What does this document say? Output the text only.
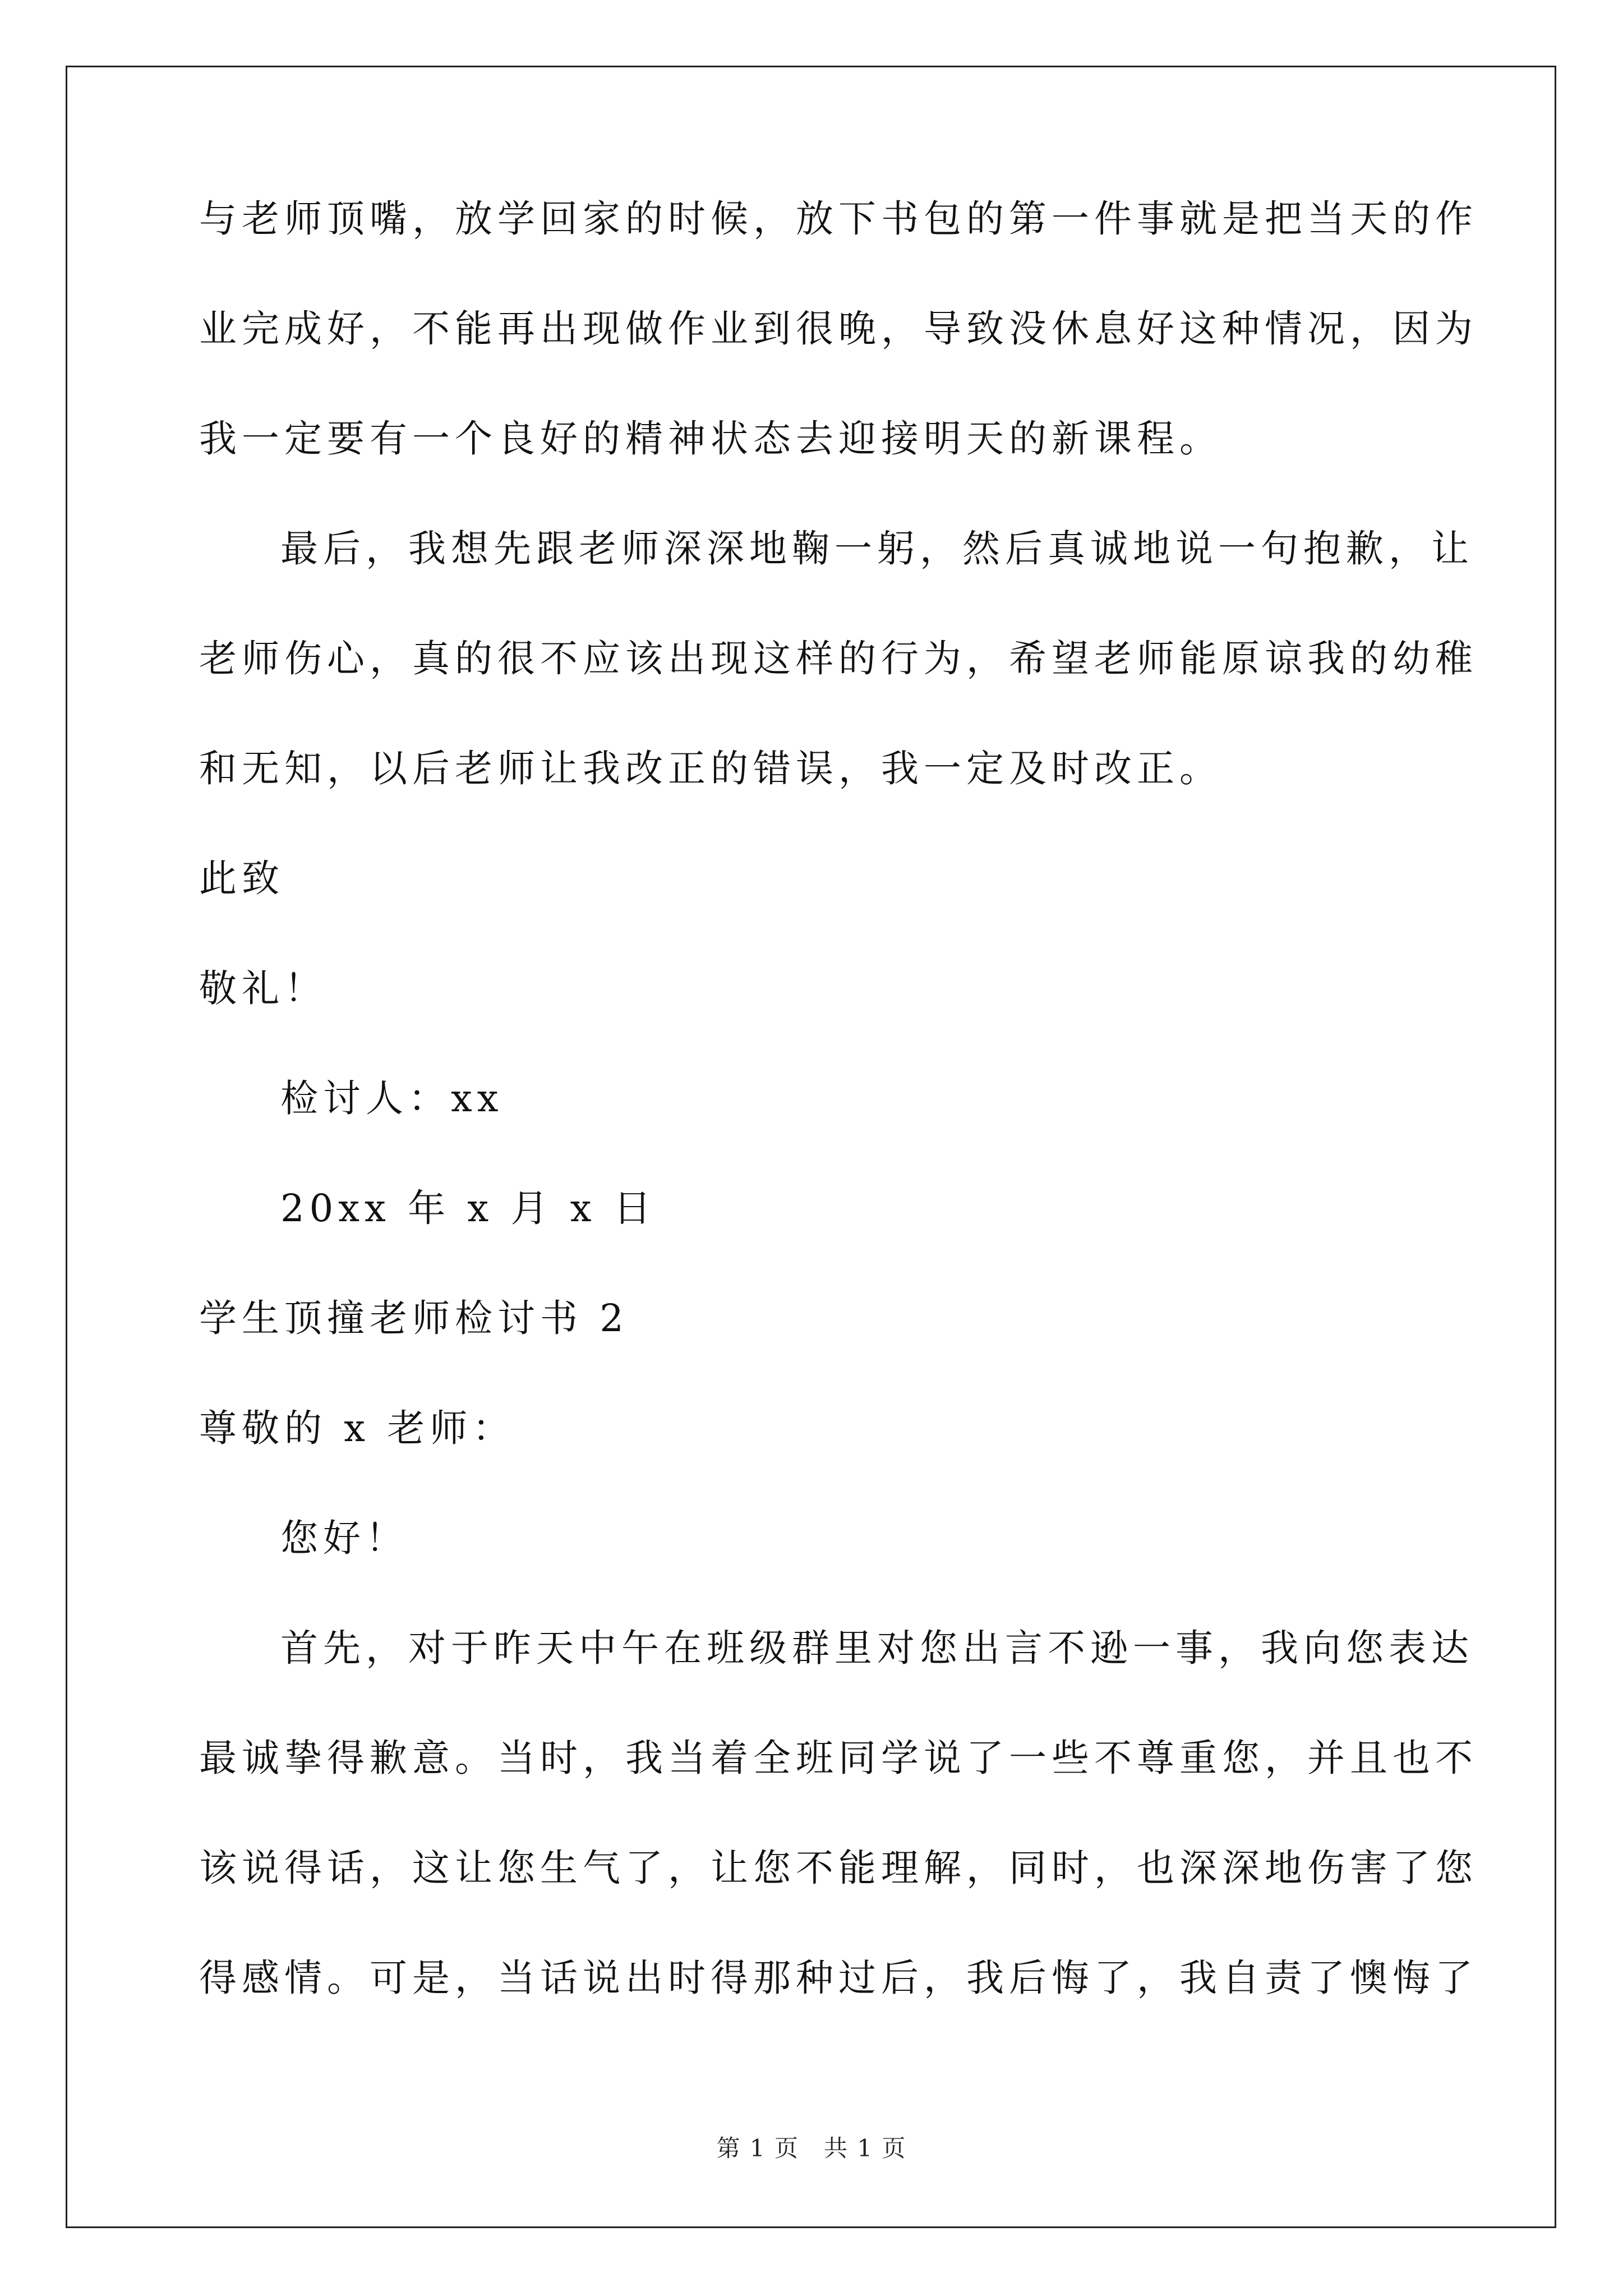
与老师顶嘴，放学回家的时候，放下书包的第一件事就是把当天的作
业完成好，不能再出现做作业到很晚，导致没休息好这种情况，因为
我一定要有一个良好的精神状态去迎接明天的新课程。
最后，我想先跟老师深深地鞠一躬，然后真诚地说一句抱歉，让
老师伤心，真的很不应该出现这样的行为，希望老师能原谅我的幼稚
和无知，以后老师让我改正的错误，我一定及时改正。
此致
敬礼！
检讨人：xx
20xx 年 x 月 x 日
学生顶撞老师检讨书 2
尊敬的 x 老师：
您好！
首先，对于昨天中午在班级群里对您出言不逊一事，我向您表达
最诚挚得歉意。当时，我当着全班同学说了一些不尊重您，并且也不
该说得话，这让您生气了，让您不能理解，同时，也深深地伤害了您
得感情。可是，当话说出时得那种过后，我后悔了，我自责了懊悔了
第 1 页　共 1 页
